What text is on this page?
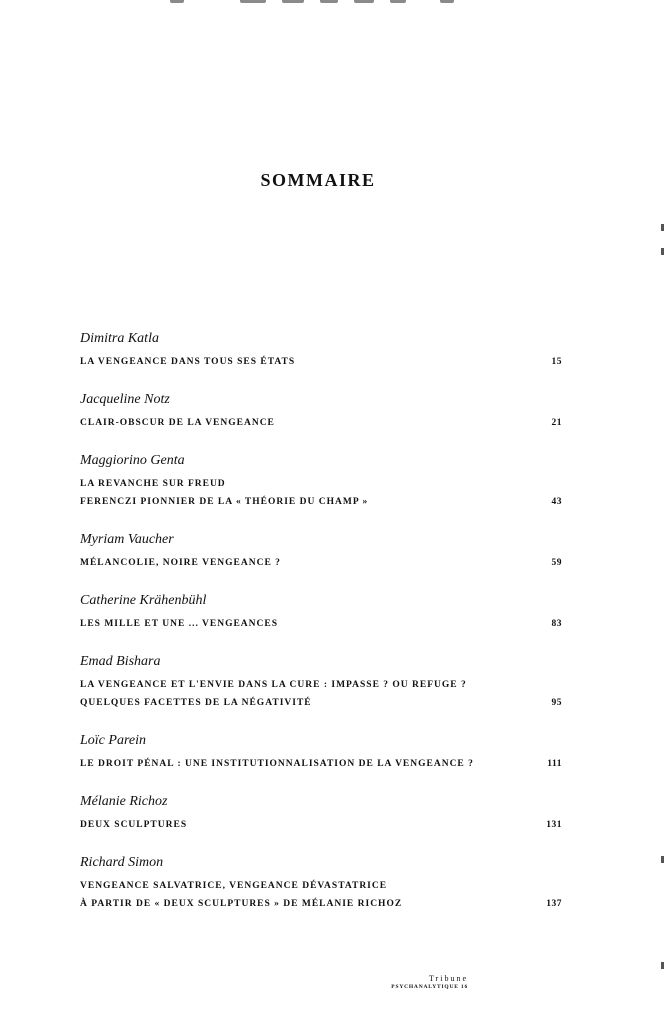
SOMMAIRE
Dimitra Katla
LA VENGEANCE DANS TOUS SES ÉTATS	15
Jacqueline Notz
CLAIR-OBSCUR DE LA VENGEANCE	21
Maggiorino Genta
LA REVANCHE SUR FREUD
FERENCZI PIONNIER DE LA « THÉORIE DU CHAMP »	43
Myriam Vaucher
MÉLANCOLIE, NOIRE VENGEANCE ?	59
Catherine Krähenbühl
LES MILLE ET UNE ... VENGEANCES	83
Emad Bishara
LA VENGEANCE ET L'ENVIE DANS LA CURE : IMPASSE ? OU REFUGE ?
QUELQUES FACETTES DE LA NÉGATIVITÉ	95
Loïc Parein
LE DROIT PÉNAL : UNE INSTITUTIONNALISATION DE LA VENGEANCE ?	111
Mélanie Richoz
DEUX SCULPTURES	131
Richard Simon
VENGEANCE SALVATRICE, VENGEANCE DÉVASTATRICE
À PARTIR DE « DEUX SCULPTURES » DE MÉLANIE RICHOZ	137
Tribune
PSYCHANALYTIQUE 16
